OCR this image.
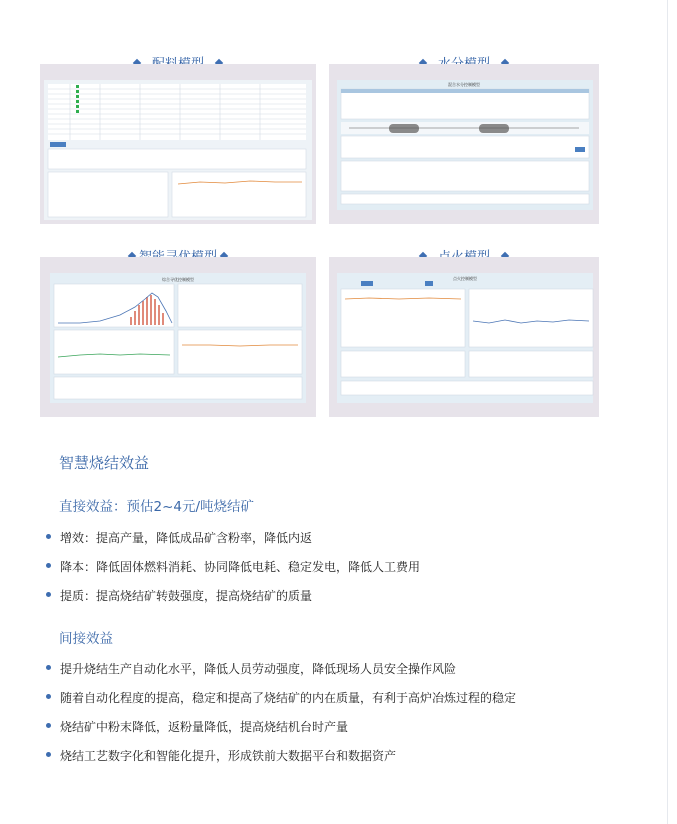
混合水分控制模型
综合寻优控制模型	点火控制模型
智慧烧结效益
直接效益：预估2~4元/吨烧结矿
增效：提高产量，降低成品矿含粉率，降低内返
降本：降低固体燃料消耗、协同降低电耗、稳定发电，降低人工费用
提质：提高烧结矿转鼓强度，提高烧结矿的质量
间接效益
提升烧结生产自动化水平，降低人员劳动强度，降低现场人员安全操作风险
随着自动化程度的提高，稳定和提高了烧结矿的内在质量，有利于高炉冶炼过程的稳定
烧结矿中粉末降低，返粉量降低，提高烧结机台时产量
烧结工艺数字化和智能化提升，形成铁前大数据平台和数据资产
